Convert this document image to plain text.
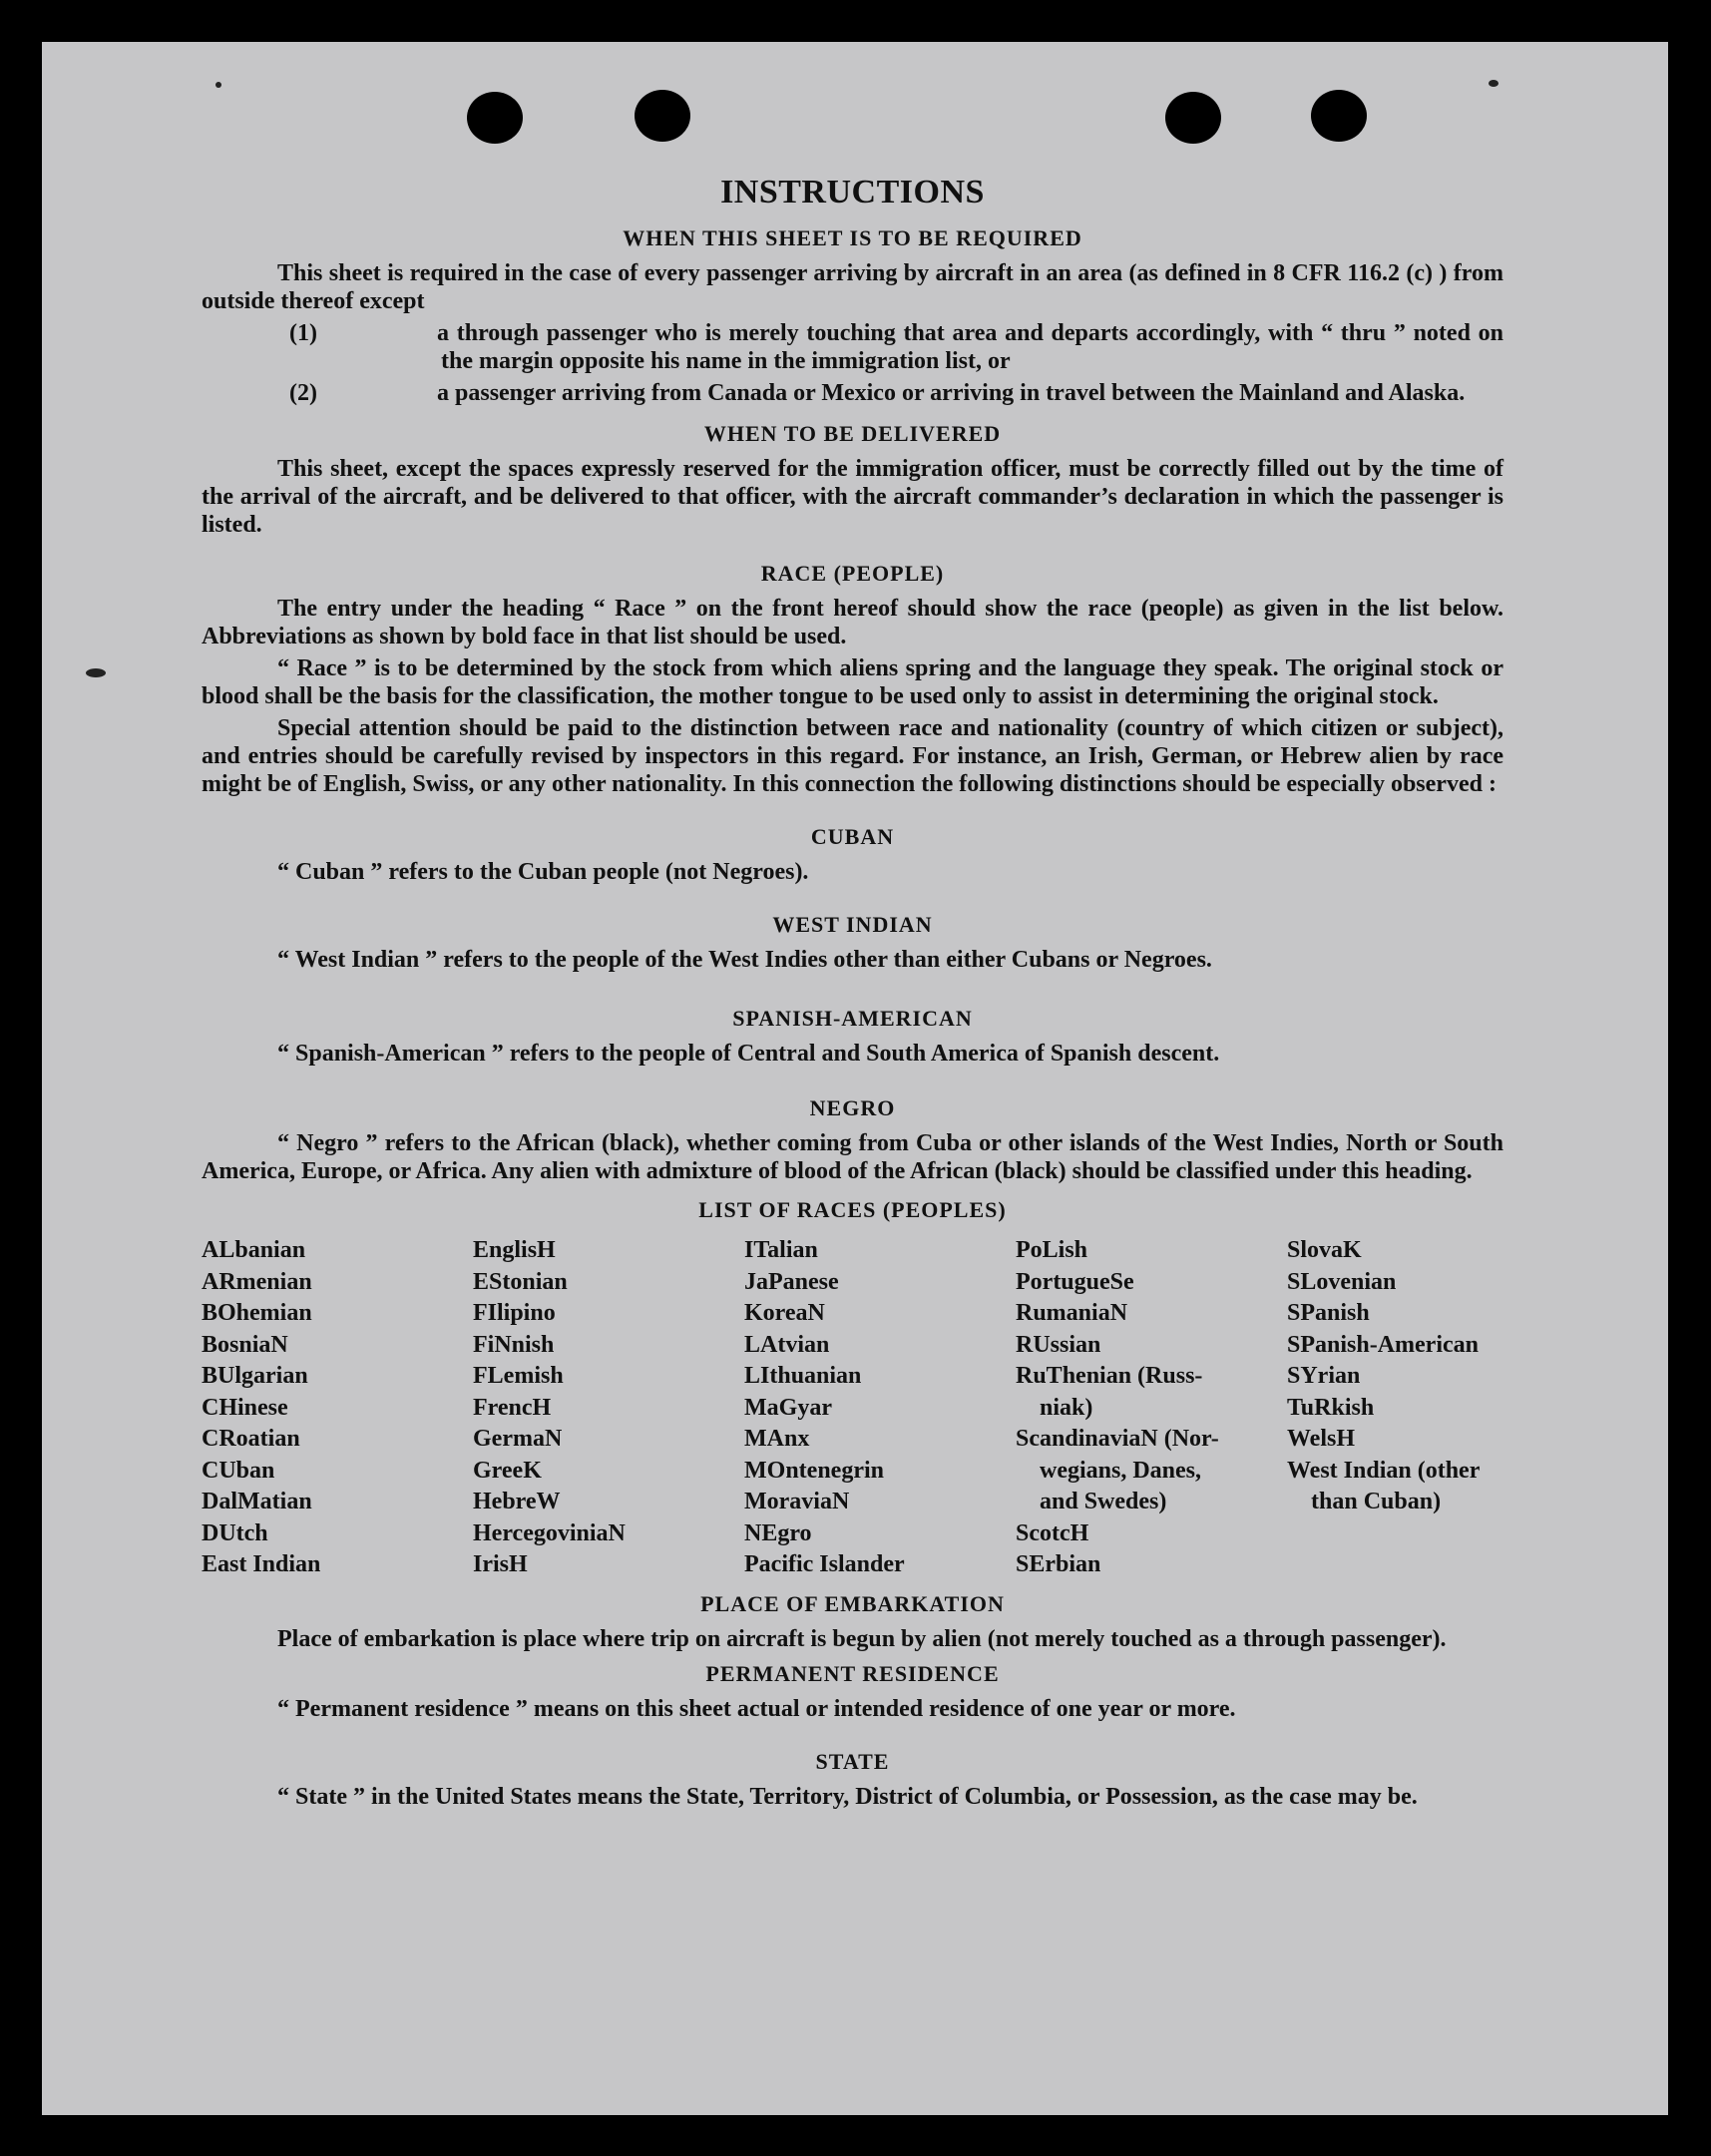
INSTRUCTIONS
WHEN THIS SHEET IS TO BE REQUIRED

This sheet is required in the case of every passenger arriving by aircraft in an area (as defined in 8 CFR 116.2 (c) ) from outside thereof except

(1)	a through passenger who is merely touching that area and departs accordingly, with “ thru ” noted on the margin opposite his name in the immigration list, or

(2)	a passenger arriving from Canada or Mexico or arriving in travel between the Mainland and Alaska.

WHEN TO BE DELIVERED

This sheet, except the spaces expressly reserved for the immigration officer, must be correctly filled out by the time of the arrival of the aircraft, and be delivered to that officer, with the aircraft commander’s declaration in which the passenger is listed.

RACE (PEOPLE)

The entry under the heading “ Race ” on the front hereof should show the race (people) as given in the list below. Abbreviations as shown by bold face in that list should be used.

“ Race ” is to be determined by the stock from which aliens spring and the language they speak. The original stock or blood shall be the basis for the classification, the mother tongue to be used only to assist in determining the original stock.

Special attention should be paid to the distinction between race and nationality (country of which citizen or subject), and entries should be carefully revised by inspectors in this regard. For instance, an Irish, German, or Hebrew alien by race might be of English, Swiss, or any other nationality. In this connection the following distinctions should be especially observed :

CUBAN

“ Cuban ” refers to the Cuban people (not Negroes).

WEST INDIAN

“ West Indian ” refers to the people of the West Indies other than either Cubans or Negroes.

SPANISH-AMERICAN

“ Spanish-American ” refers to the people of Central and South America of Spanish descent.

NEGRO

“ Negro ” refers to the African (black), whether coming from Cuba or other islands of the West Indies, North or South America, Europe, or Africa. Any alien with admixture of blood of the African (black) should be classified under this heading.

LIST OF RACES (PEOPLES)
ALbanian
ARmenian
BOhemian
BosniaN
BUlgarian
CHinese
CRoatian
CUban
DalMatian
DUtch
East Indian
EnglisH
EStonian
FIlipino
FiNnish
FLemish
FrencH
GermaN
GreeK
HebreW
HercegoviniaN
IrisH
ITalian
JaPanese
KoreaN
LAtvian
LIthuanian
MaGyar
MAnx
MOntenegrin
MoraviaN
NEgro
Pacific Islander
PoLish
PortugueSe
RumaniaN
RUssian
RuThenian (Russ-
niak)
ScandinaviaN (Nor-
wegians, Danes,
and Swedes)
ScotcH
SErbian
SlovaK
SLovenian
SPanish
SPanish-American
SYrian
TuRkish
WelsH
West Indian (other
than Cuban)
PLACE OF EMBARKATION

Place of embarkation is place where trip on aircraft is begun by alien (not merely touched as a through passenger).

PERMANENT RESIDENCE

“ Permanent residence ” means on this sheet actual or intended residence of one year or more.

STATE

“ State ” in the United States means the State, Territory, District of Columbia, or Possession, as the case may be.
